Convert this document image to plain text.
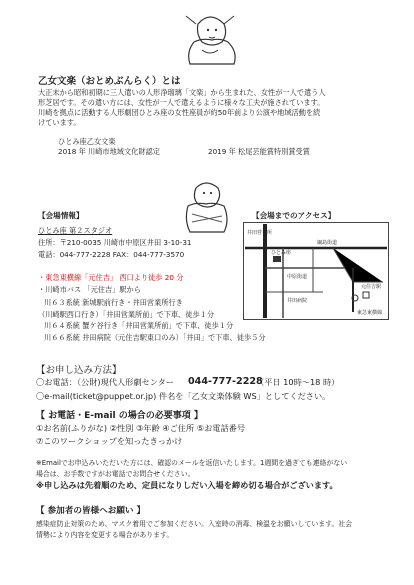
乙女文楽（おとめぶんらく）とは
大正末から昭和初期に三人遣いの人形浄瑠璃「文楽」から生まれた、女性が一人で遣う人
形芝居です。その遣い方には、女性が一人で遣えるように様々な工夫が施されています。
川崎を拠点に活動する人形劇団ひとみ座の女性座員が約50年前より公演や地域活動を続
けています。
ひとみ座乙女文楽
2018 年 川崎市地域文化財認定	2019 年 松尾芸能賞特別賞受賞
【会場情報】
ひとみ座 第２スタジオ
住所：〒210-0035 川崎市中原区井田 3-10-31
電話：044-777-2228 FAX：044-777-3570
・東急東横線「元住吉」 西口より徒歩 20 分
・川崎市バス 「元住吉」駅から
川６３系統 新城駅前行き・井田営業所行き
（川崎駅西口行き）「井田営業所前」で下車、徒歩１分
川６４系統 蟹ケ谷行き「井田営業所前」で下車、徒歩１分
川６６系統 井田病院（元住吉駅東口のみ）「井田」で下車、徒歩５分
【会場までのアクセス】
井田営業所
ひとみ座
元住吉駅
東急東横線
綱島街道
中原街道
井田病院
【お申し込み方法】
〇お電話：（公財)現代人形劇センター 044-777-2228
（平日 10時～18 時）
〇e-mail(ticket@puppet.or.jp) 件名を「乙女文楽体験 WS」としてください。
【 お電話・E-mail の場合の必要事項 】
①お名前(ふりがな) ②性別 ③年齢 ④ご住所 ⑤お電話番号
⑦このワークショップを知ったきっかけ
※Emailでお申込みいただいた方には、確認のメールを返信いたします。1週間を過ぎても連絡がない
場合は、お手数ですがお電話でお問合せください。
※申し込みは先着順のため、定員になりしだい入場を締め切る場合がございます。
【 参加者の皆様へお願い 】
感染症防止対策のため、マスク着用でご参加ください。入室時の消毒、検温をお願いしています。社会
情勢により内容を変更する場合があります。
